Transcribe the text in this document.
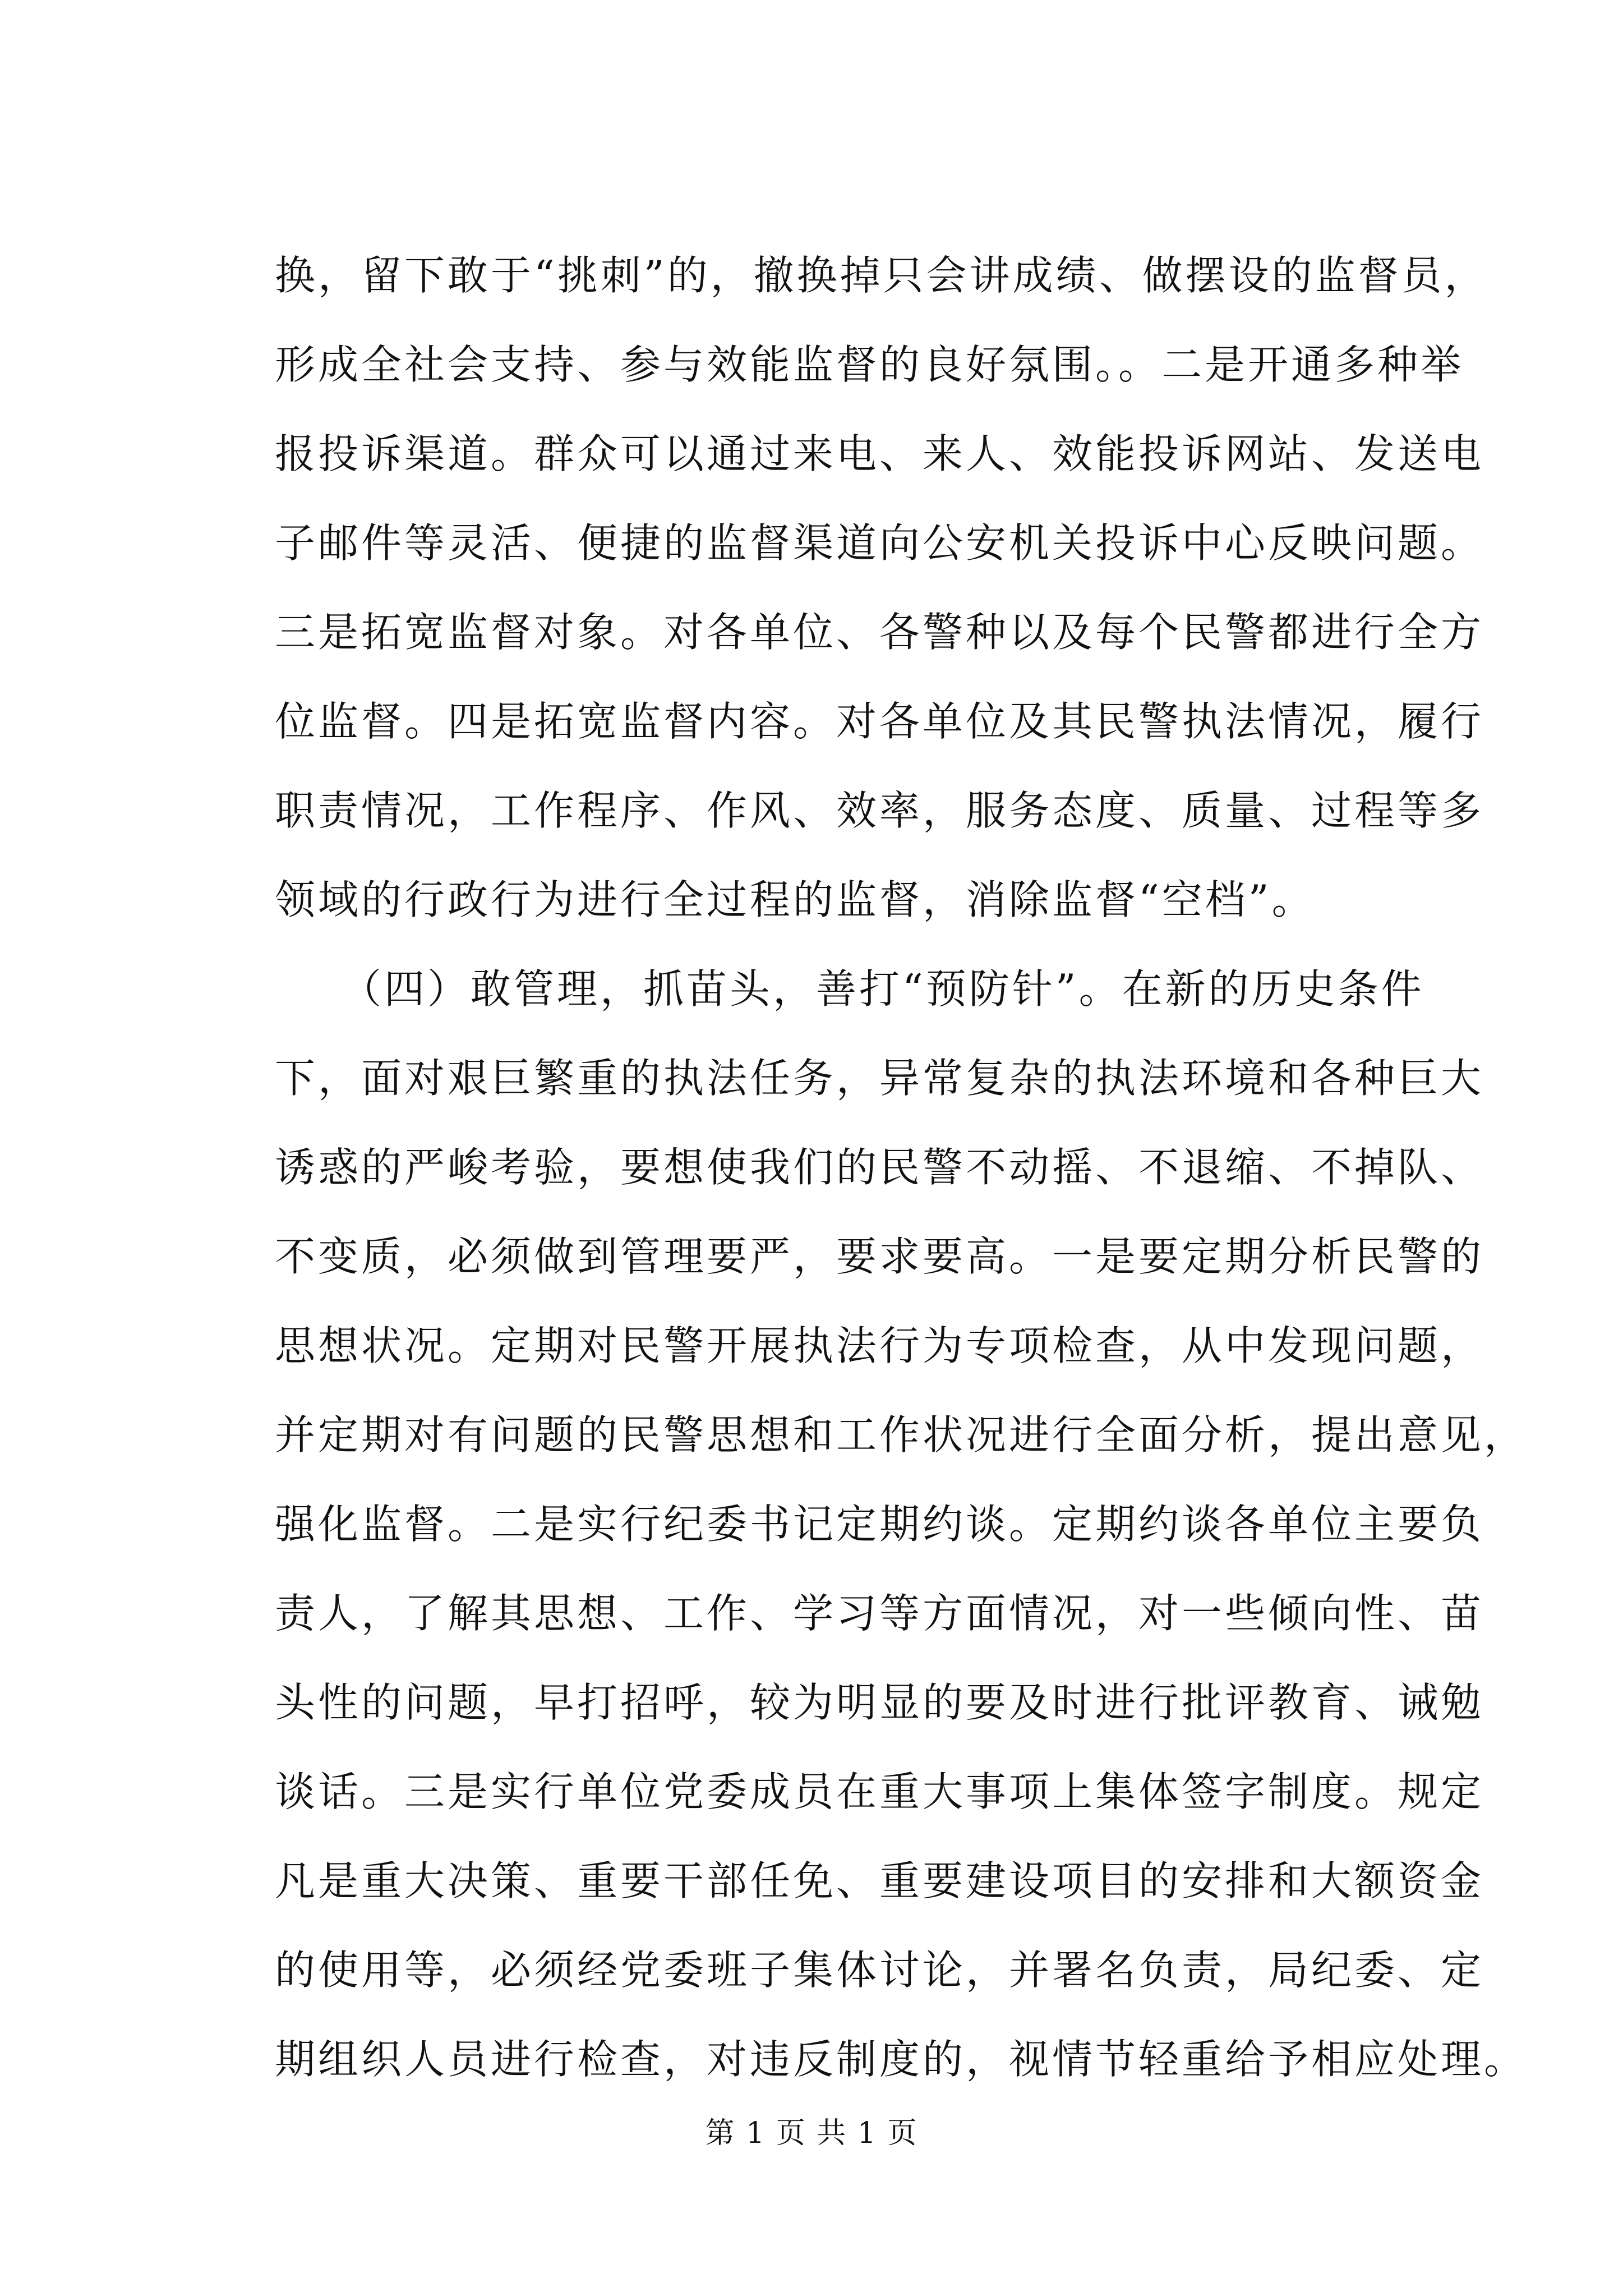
换，留下敢于“挑刺”的，撤换掉只会讲成绩、做摆设的监督员，
形成全社会支持、参与效能监督的良好氛围。。二是开通多种举
报投诉渠道。群众可以通过来电、来人、效能投诉网站、发送电
子邮件等灵活、便捷的监督渠道向公安机关投诉中心反映问题。
三是拓宽监督对象。对各单位、各警种以及每个民警都进行全方
位监督。四是拓宽监督内容。对各单位及其民警执法情况，履行
职责情况，工作程序、作风、效率，服务态度、质量、过程等多
领域的行政行为进行全过程的监督，消除监督“空档”。
　　（四）敢管理，抓苗头，善打“预防针”。在新的历史条件
下，面对艰巨繁重的执法任务，异常复杂的执法环境和各种巨大
诱惑的严峻考验，要想使我们的民警不动摇、不退缩、不掉队、
不变质，必须做到管理要严，要求要高。一是要定期分析民警的
思想状况。定期对民警开展执法行为专项检查，从中发现问题，
并定期对有问题的民警思想和工作状况进行全面分析，提出意见，
强化监督。二是实行纪委书记定期约谈。定期约谈各单位主要负
责人，了解其思想、工作、学习等方面情况，对一些倾向性、苗
头性的问题，早打招呼，较为明显的要及时进行批评教育、诫勉
谈话。三是实行单位党委成员在重大事项上集体签字制度。规定
凡是重大决策、重要干部任免、重要建设项目的安排和大额资金
的使用等，必须经党委班子集体讨论，并署名负责，局纪委、定
期组织人员进行检查，对违反制度的，视情节轻重给予相应处理。
第 1 页 共 1 页
